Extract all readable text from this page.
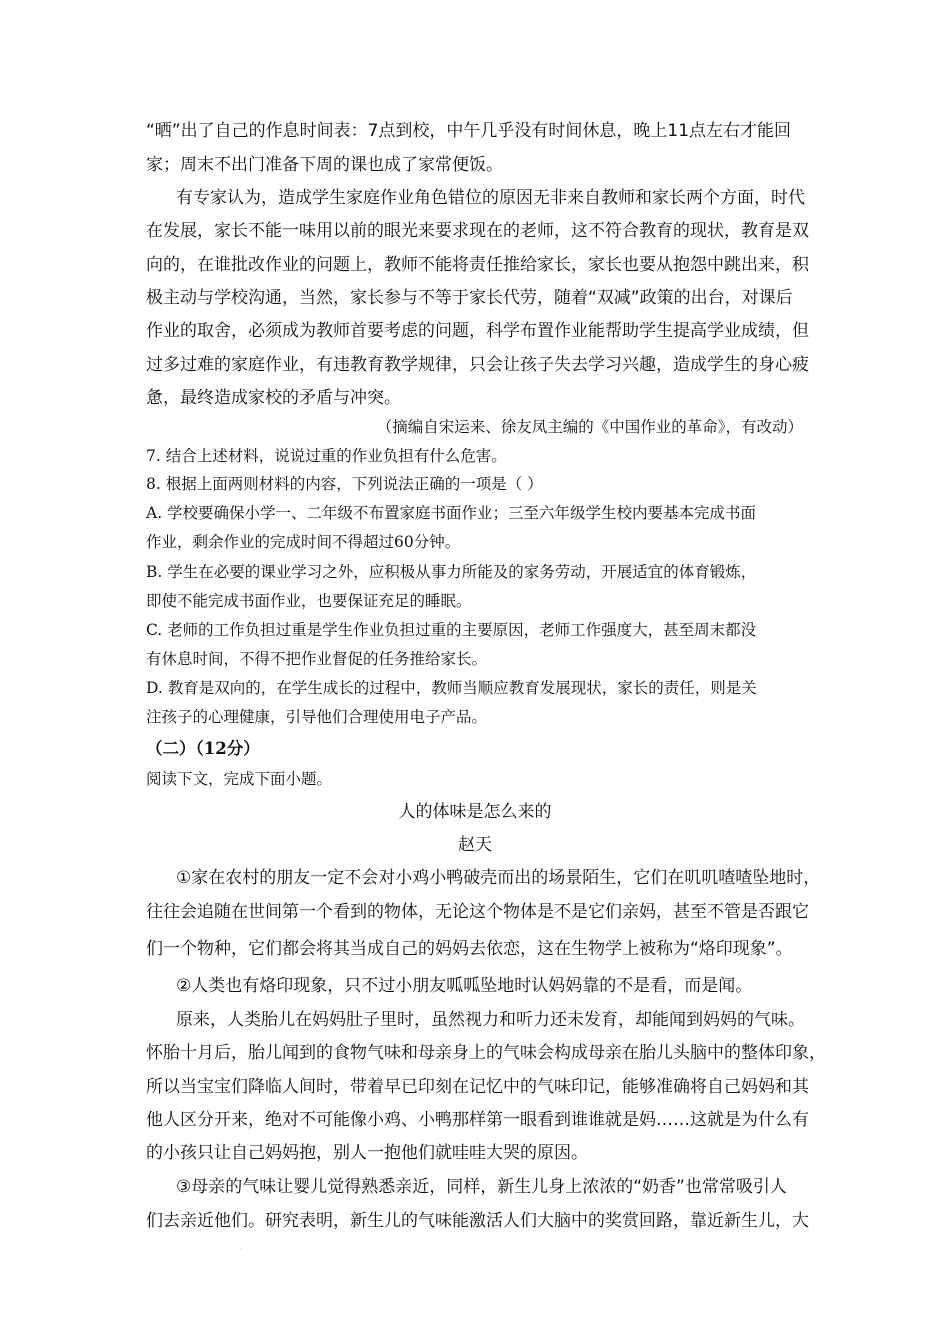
.
“晒”出了自己的作息时间表：7点到校，中午几乎没有时间休息，晚上11点左右才能回
家；周末不出门准备下周的课也成了家常便饭。
有专家认为，造成学生家庭作业角色错位的原因无非来自教师和家长两个方面，时代
在发展，家长不能一味用以前的眼光来要求现在的老师，这不符合教育的现状，教育是双
向的，在谁批改作业的问题上，教师不能将责任推给家长，家长也要从抱怨中跳出来，积
极主动与学校沟通，当然，家长参与不等于家长代劳，随着“双减”政策的出台，对课后
作业的取舍，必须成为教师首要考虑的问题，科学布置作业能帮助学生提高学业成绩，但
过多过难的家庭作业，有违教育教学规律，只会让孩子失去学习兴趣，造成学生的身心疲
惫，最终造成家校的矛盾与冲突。
（摘编自宋运来、徐友凤主编的《中国作业的革命》，有改动）
7. 结合上述材料，说说过重的作业负担有什么危害。
8. 根据上面两则材料的内容，下列说法正确的一项是（ ）
A. 学校要确保小学一、二年级不布置家庭书面作业；三至六年级学生校内要基本完成书面
作业，剩余作业的完成时间不得超过60分钟。
B. 学生在必要的课业学习之外，应积极从事力所能及的家务劳动，开展适宜的体育锻炼，
即使不能完成书面作业，也要保证充足的睡眠。
C. 老师的工作负担过重是学生作业负担过重的主要原因，老师工作强度大，甚至周末都没
有休息时间，不得不把作业督促的任务推给家长。
D. 教育是双向的，在学生成长的过程中，教师当顺应教育发展现状，家长的责任，则是关
注孩子的心理健康，引导他们合理使用电子产品。
（二）（12分）
阅读下文，完成下面小题。
人的体味是怎么来的
赵天
①家在农村的朋友一定不会对小鸡小鸭破壳而出的场景陌生，它们在叽叽喳喳坠地时，
往往会追随在世间第一个看到的物体，无论这个物体是不是它们亲妈，甚至不管是否跟它
们一个物种，它们都会将其当成自己的妈妈去依恋，这在生物学上被称为“烙印现象”。
②人类也有烙印现象，只不过小朋友呱呱坠地时认妈妈靠的不是看，而是闻。
原来，人类胎儿在妈妈肚子里时，虽然视力和听力还未发育，却能闻到妈妈的气味。
怀胎十月后，胎儿闻到的食物气味和母亲身上的气味会构成母亲在胎儿头脑中的整体印象，
所以当宝宝们降临人间时，带着早已印刻在记忆中的气味印记，能够准确将自己妈妈和其
他人区分开来，绝对不可能像小鸡、小鸭那样第一眼看到谁谁就是妈……这就是为什么有
的小孩只让自己妈妈抱，别人一抱他们就哇哇大哭的原因。
③母亲的气味让婴儿觉得熟悉亲近，同样，新生儿身上浓浓的“奶香”也常常吸引人
们去亲近他们。研究表明，新生儿的气味能激活人们大脑中的奖赏回路，靠近新生儿，大
.
